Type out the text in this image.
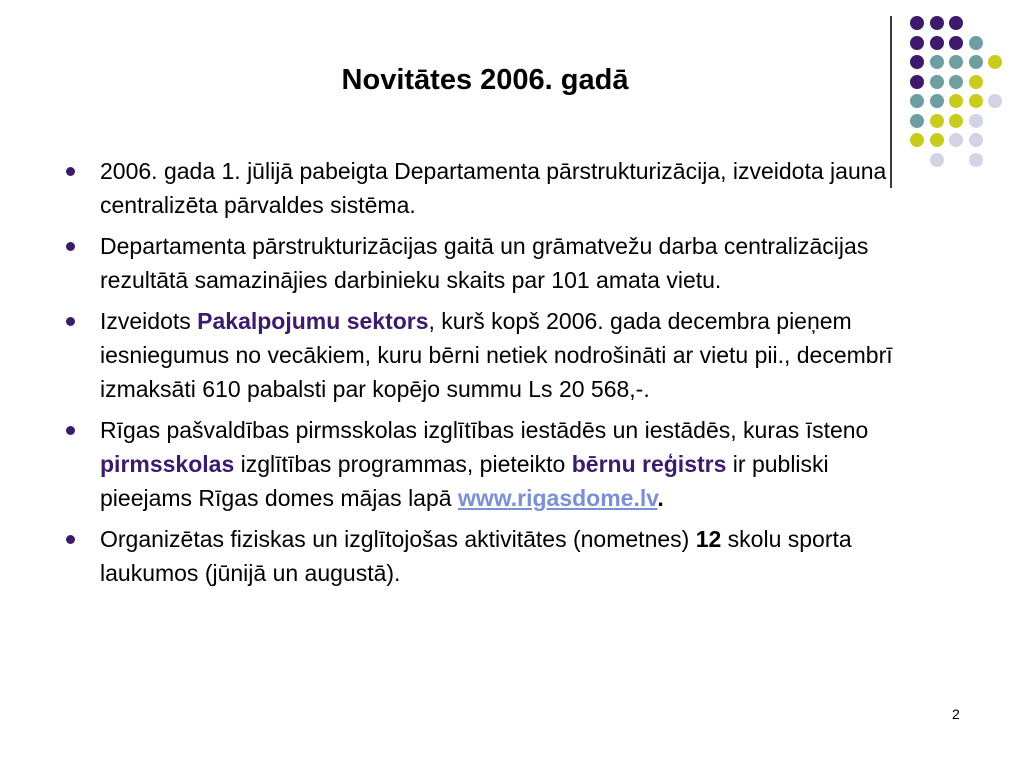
Novitātes 2006. gadā
2006. gada 1. jūlijā pabeigta Departamenta pārstrukturizācija, izveidota jauna centralizēta pārvaldes sistēma.
Departamenta pārstrukturizācijas gaitā un grāmatvežu darba centralizācijas rezultātā samazinājies darbinieku skaits par 101 amata vietu.
Izveidots Pakalpojumu sektors, kurš kopš 2006. gada decembra pieņem iesniegumus no vecākiem, kuru bērni netiek nodrošināti ar vietu pii., decembrī izmaksāti 610 pabalsti par kopējo summu Ls 20 568,-.
Rīgas pašvaldības pirmsskolas izglītības iestādēs un iestādēs, kuras īsteno pirmsskolas izglītības programmas, pieteikto bērnu reģistrs ir publiski pieejams Rīgas domes mājas lapā www.rigasdome.lv.
Organizētas fiziskas un izglītojošas aktivitātes (nometnes) 12 skolu sporta laukumos (jūnijā un augustā).
2
